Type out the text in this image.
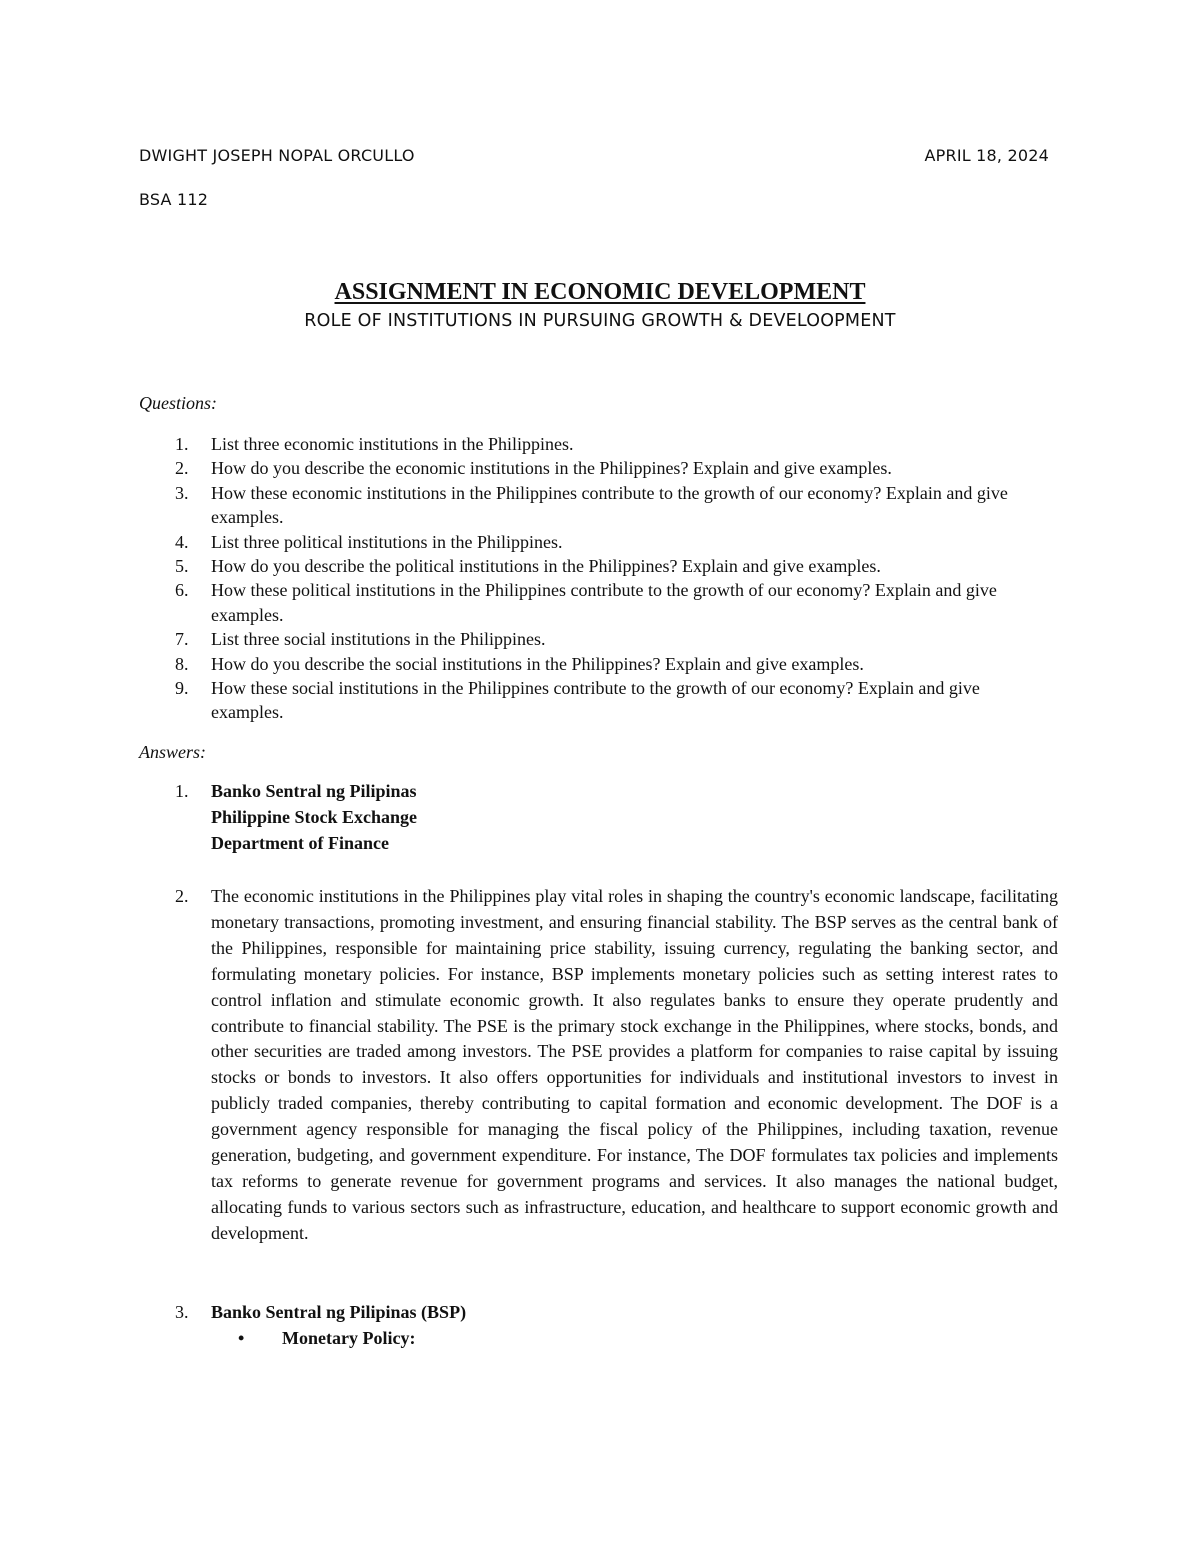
DWIGHT JOSEPH NOPAL ORCULLO	APRIL 18, 2024
BSA 112
ASSIGNMENT IN ECONOMIC DEVELOPMENT
ROLE OF INSTITUTIONS IN PURSUING GROWTH & DEVELOOPMENT
Questions:
1.	List three economic institutions in the Philippines.
2.	How do you describe the economic institutions in the Philippines? Explain and give examples.
3.	How these economic institutions in the Philippines contribute to the growth of our economy? Explain and give examples.
4.	List three political institutions in the Philippines.
5.	How do you describe the political institutions in the Philippines? Explain and give examples.
6.	How these political institutions in the Philippines contribute to the growth of our economy? Explain and give examples.
7.	List three social institutions in the Philippines.
8.	How do you describe the social institutions in the Philippines? Explain and give examples.
9.	How these social institutions in the Philippines contribute to the growth of our economy? Explain and give examples.
Answers:
1.	Banko Sentral ng Pilipinas
Philippine Stock Exchange
Department of Finance
2.	The economic institutions in the Philippines play vital roles in shaping the country's economic landscape, facilitating monetary transactions, promoting investment, and ensuring financial stability. The BSP serves as the central bank of the Philippines, responsible for maintaining price stability, issuing currency, regulating the banking sector, and formulating monetary policies. For instance, BSP implements monetary policies such as setting interest rates to control inflation and stimulate economic growth. It also regulates banks to ensure they operate prudently and contribute to financial stability. The PSE is the primary stock exchange in the Philippines, where stocks, bonds, and other securities are traded among investors. The PSE provides a platform for companies to raise capital by issuing stocks or bonds to investors. It also offers opportunities for individuals and institutional investors to invest in publicly traded companies, thereby contributing to capital formation and economic development. The DOF is a government agency responsible for managing the fiscal policy of the Philippines, including taxation, revenue generation, budgeting, and government expenditure. For instance, The DOF formulates tax policies and implements tax reforms to generate revenue for government programs and services. It also manages the national budget, allocating funds to various sectors such as infrastructure, education, and healthcare to support economic growth and development.
3.	Banko Sentral ng Pilipinas (BSP)
• Monetary Policy:
